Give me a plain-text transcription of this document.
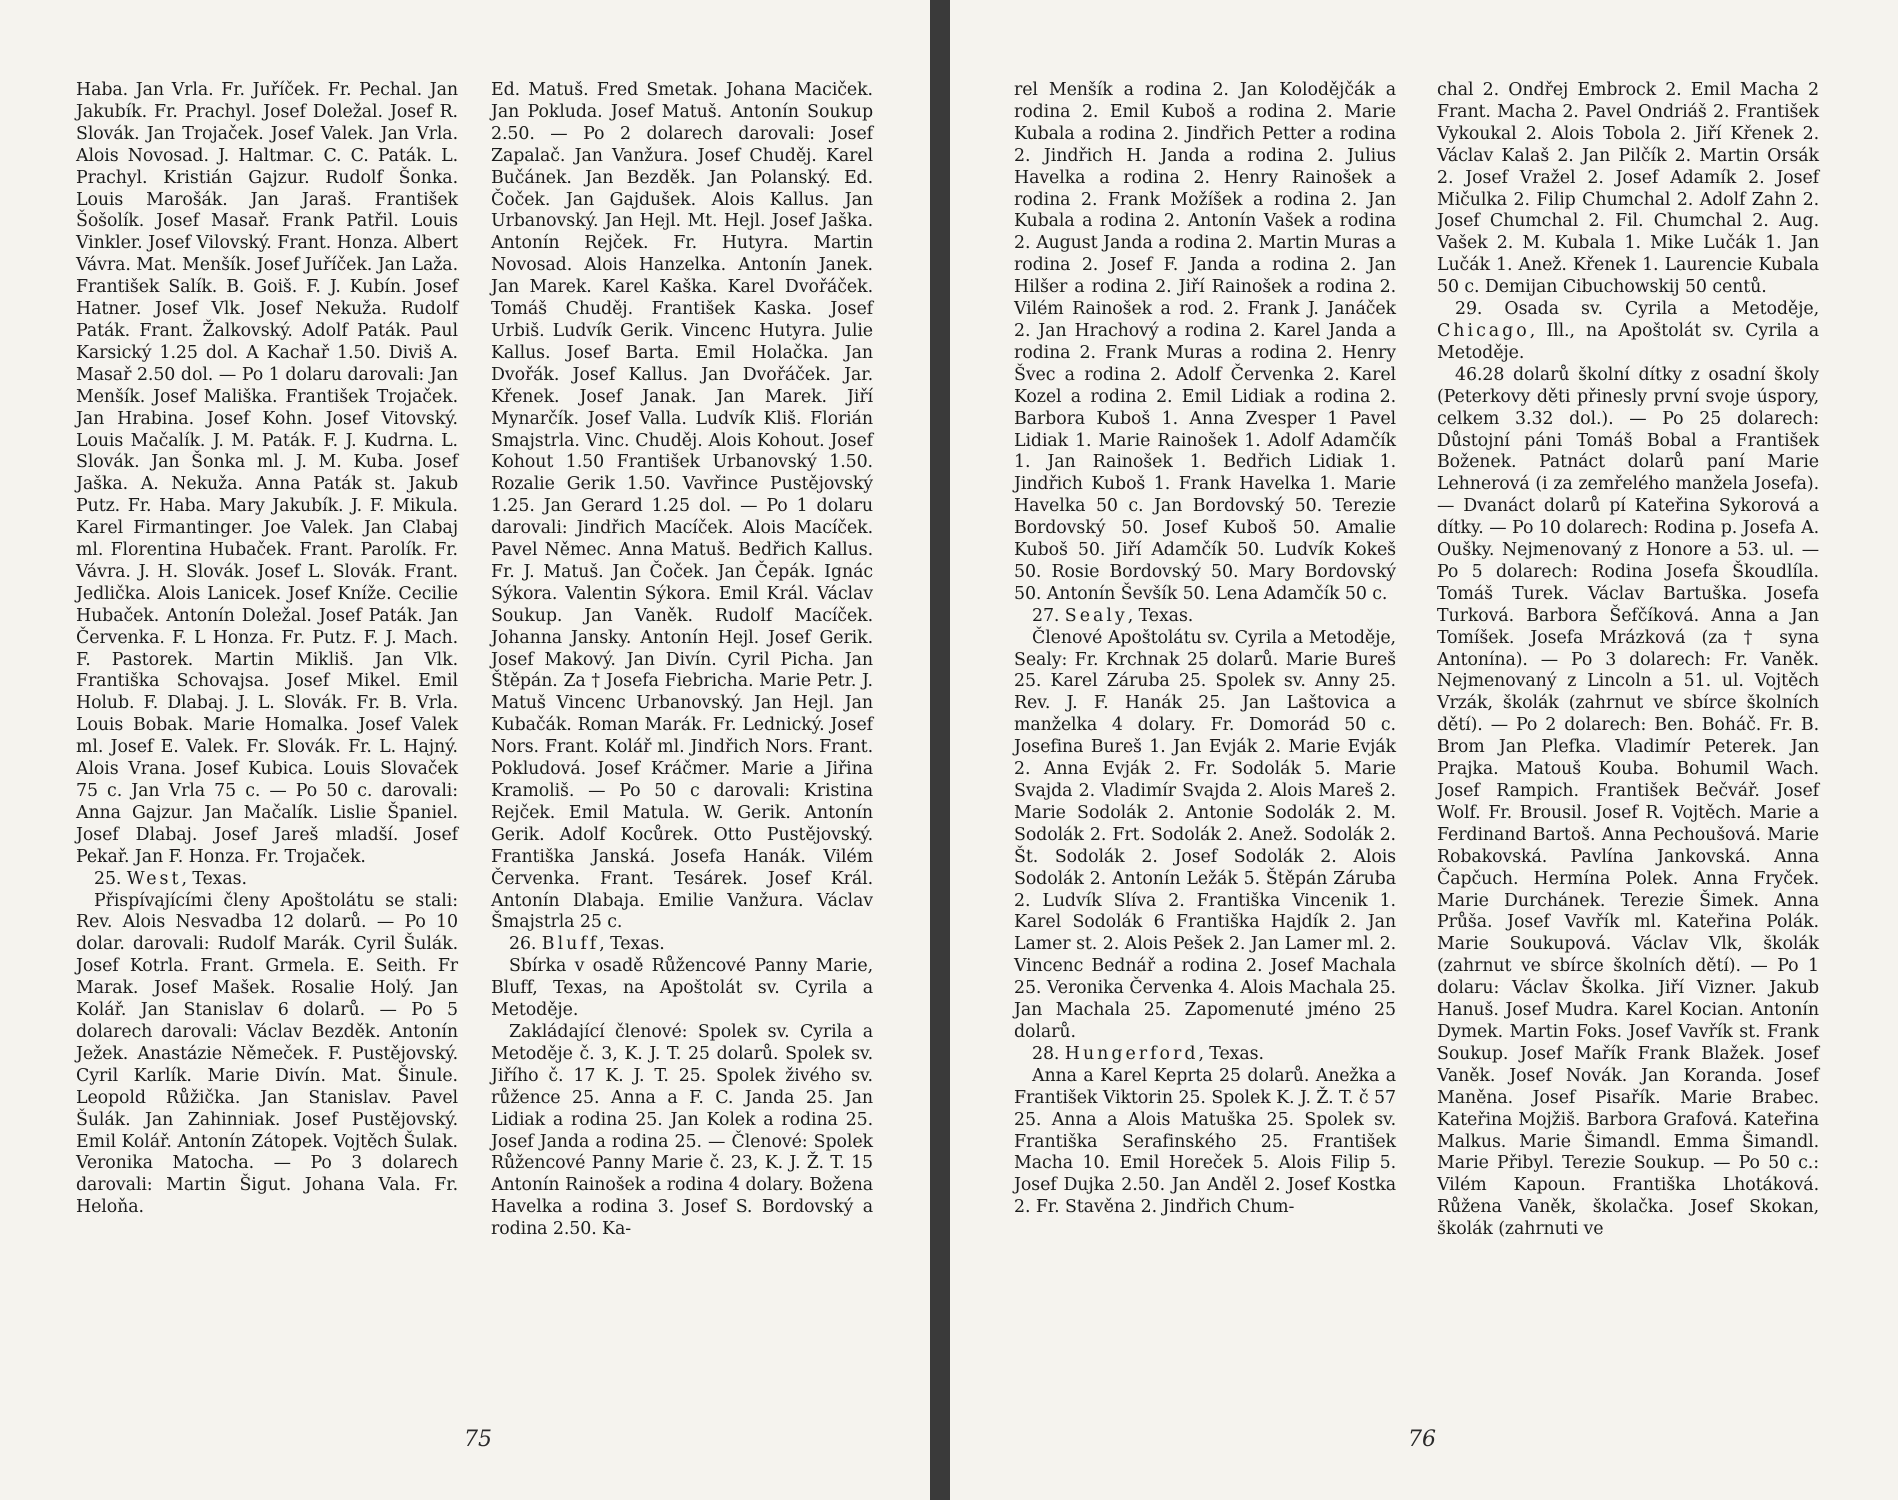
Haba. Jan Vrla. Fr. Juříček. Fr. Pechal. Jan Jakubík. Fr. Prachyl. Josef Doležal. Josef R. Slovák. Jan Trojaček. Josef Valek. Jan Vrla. Alois Novosad. J. Haltmar. C. C. Paták. L. Prachyl. Kristián Gajzur. Rudolf Šonka. Louis Marošák. Jan Jaraš. František Šošolík. Josef Masař. Frank Patřil. Louis Vinkler. Josef Vilovský. Frant. Honza. Albert Vávra. Mat. Menšík. Josef Juříček. Jan Laža. František Salík. B. Goiš. F. J. Kubín. Josef Hatner. Josef Vlk. Josef Nekuža. Rudolf Paták. Frant. Žalkovský. Adolf Paták. Paul Karsický 1.25 dol. A Kachař 1.50. Diviš A. Masař 2.50 dol. — Po 1 dolaru darovali: Jan Menšík. Josef Mališka. František Trojaček. Jan Hrabina. Josef Kohn. Josef Vitovský. Louis Mačalík. J. M. Paták. F. J. Kudrna. L. Slovák. Jan Šonka ml. J. M. Kuba. Josef Jaška. A. Nekuža. Anna Paták st. Jakub Putz. Fr. Haba. Mary Jakubík. J. F. Mikula. Karel Firmantinger. Joe Valek. Jan Clabaj ml. Florentina Hubaček. Frant. Parolík. Fr. Vávra. J. H. Slovák. Josef L. Slovák. Frant. Jedlička. Alois Lanicek. Josef Kníže. Cecilie Hubaček. Antonín Doležal. Josef Paták. Jan Červenka. F. L Honza. Fr. Putz. F. J. Mach. F. Pastorek. Martin Mikliš. Jan Vlk. Františka Schovajsa. Josef Mikel. Emil Holub. F. Dlabaj. J. L. Slovák. Fr. B. Vrla. Louis Bobak. Marie Homalka. Josef Valek ml. Josef E. Valek. Fr. Slovák. Fr. L. Hajný. Alois Vrana. Josef Kubica. Louis Slovaček 75 c. Jan Vrla 75 c. — Po 50 c. darovali: Anna Gajzur. Jan Mačalík. Lislie Španiel. Josef Dlabaj. Josef Jareš mladší. Josef Pekař. Jan F. Honza. Fr. Trojaček.

25. West, Texas.

Přispívajícími členy Apoštolátu se stali: Rev. Alois Nesvadba 12 dolarů. — Po 10 dolar. darovali: Rudolf Marák. Cyril Šulák. Josef Kotrla. Frant. Grmela. E. Seith. Fr Marak. Josef Mašek. Rosalie Holý. Jan Kolář. Jan Stanislav 6 dolarů. — Po 5 dolarech darovali: Václav Bezděk. Antonín Ježek. Anastázie Němeček. F. Pustějovský. Cyril Karlík. Marie Divín. Mat. Šinule. Leopold Růžička. Jan Stanislav. Pavel Šulák. Jan Zahinniak. Josef Pustějovský. Emil Kolář. Antonín Zátopek. Vojtěch Šulak. Veronika Matocha. — Po 3 dolarech darovali: Martin Šigut. Johana Vala. Fr. Heloňa.

Ed. Matuš. Fred Smetak. Johana Maciček. Jan Pokluda. Josef Matuš. Antonín Soukup 2.50. — Po 2 dolarech darovali: Josef Zapalač. Jan Vanžura. Josef Chuděj. Karel Bučánek. Jan Bezděk. Jan Polanský. Ed. Čoček. Jan Gajdušek. Alois Kallus. Jan Urbanovský. Jan Hejl. Mt. Hejl. Josef Jaška. Antonín Rejček. Fr. Hutyra. Martin Novosad. Alois Hanzelka. Antonín Janek. Jan Marek. Karel Kaška. Karel Dvořáček. Tomáš Chuděj. František Kaska. Josef Urbiš. Ludvík Gerik. Vincenc Hutyra. Julie Kallus. Josef Barta. Emil Holačka. Jan Dvořák. Josef Kallus. Jan Dvořáček. Jar. Křenek. Josef Janak. Jan Marek. Jiří Mynarčík. Josef Valla. Ludvík Kliš. Florián Smajstrla. Vinc. Chuděj. Alois Kohout. Josef Kohout 1.50 František Urbanovský 1.50. Rozalie Gerik 1.50. Vavřince Pustějovský 1.25. Jan Gerard 1.25 dol. — Po 1 dolaru darovali: Jindřich Macíček. Alois Macíček. Pavel Němec. Anna Matuš. Bedřich Kallus. Fr. J. Matuš. Jan Čoček. Jan Čepák. Ignác Sýkora. Valentin Sýkora. Emil Král. Václav Soukup. Jan Vaněk. Rudolf Macíček. Johanna Jansky. Antonín Hejl. Josef Gerik. Josef Makový. Jan Divín. Cyril Picha. Jan Štěpán. Za † Josefa Fiebricha. Marie Petr. J. Matuš Vincenc Urbanovský. Jan Hejl. Jan Kubačák. Roman Marák. Fr. Lednický. Josef Nors. Frant. Kolář ml. Jindřich Nors. Frant. Pokludová. Josef Kráčmer. Marie a Jiřina Kramoliš. — Po 50 c darovali: Kristina Rejček. Emil Matula. W. Gerik. Antonín Gerik. Adolf Kocůrek. Otto Pustějovský. Františka Janská. Josefa Hanák. Vilém Červenka. Frant. Tesárek. Josef Král. Antonín Dlabaja. Emilie Vanžura. Václav Šmajstrla 25 c.

26. Bluff, Texas.

Sbírka v osadě Růžencové Panny Marie, Bluff, Texas, na Apoštolát sv. Cyrila a Metoděje.

Zakládající členové: Spolek sv. Cyrila a Metoděje č. 3, K. J. T. 25 dolarů. Spolek sv. Jiřího č. 17 K. J. T. 25. Spolek živého sv. růžence 25. Anna a F. C. Janda 25. Jan Lidiak a rodina 25. Jan Kolek a rodina 25. Josef Janda a rodina 25. — Členové: Spolek Růžencové Panny Marie č. 23, K. J. Ž. T. 15 Antonín Rainošek a rodina 4 dolary. Božena Havelka a rodina 3. Josef S. Bordovský a rodina 2.50. Ka-

75

rel Menšík a rodina 2. Jan Kolodějčák a rodina 2. Emil Kuboš a rodina 2. Marie Kubala a rodina 2. Jindřich Petter a rodina 2. Jindřich H. Janda a rodina 2. Julius Havelka a rodina 2. Henry Rainošek a rodina 2. Frank Možíšek a rodina 2. Jan Kubala a rodina 2. Antonín Vašek a rodina 2. August Janda a rodina 2. Martin Muras a rodina 2. Josef F. Janda a rodina 2. Jan Hilšer a rodina 2. Jiří Rainošek a rodina 2. Vilém Rainošek a rod. 2. Frank J. Janáček 2. Jan Hrachový a rodina 2. Karel Janda a rodina 2. Frank Muras a rodina 2. Henry Švec a rodina 2. Adolf Červenka 2. Karel Kozel a rodina 2. Emil Lidiak a rodina 2. Barbora Kuboš 1. Anna Zvesper 1 Pavel Lidiak 1. Marie Rainošek 1. Adolf Adamčík 1. Jan Rainošek 1. Bedřich Lidiak 1. Jindřich Kuboš 1. Frank Havelka 1. Marie Havelka 50 c. Jan Bordovský 50. Terezie Bordovský 50. Josef Kuboš 50. Amalie Kuboš 50. Jiří Adamčík 50. Ludvík Kokeš 50. Rosie Bordovský 50. Mary Bordovský 50. Antonín Ševšík 50. Lena Adamčík 50 c.

27. Sealy, Texas.

Členové Apoštolátu sv. Cyrila a Metoděje, Sealy: Fr. Krchnak 25 dolarů. Marie Bureš 25. Karel Záruba 25. Spolek sv. Anny 25. Rev. J. F. Hanák 25. Jan Laštovica a manželka 4 dolary. Fr. Domorád 50 c. Josefina Bureš 1. Jan Evják 2. Marie Evják 2. Anna Evják 2. Fr. Sodolák 5. Marie Svajda 2. Vladimír Svajda 2. Alois Mareš 2. Marie Sodolák 2. Antonie Sodolák 2. M. Sodolák 2. Frt. Sodolák 2. Anež. Sodolák 2. Št. Sodolák 2. Josef Sodolák 2. Alois Sodolák 2. Antonín Ležák 5. Štěpán Záruba 2. Ludvík Slíva 2. Františka Vincenik 1. Karel Sodolák 6 Františka Hajdík 2. Jan Lamer st. 2. Alois Pešek 2. Jan Lamer ml. 2. Vincenc Bednář a rodina 2. Josef Machala 25. Veronika Červenka 4. Alois Machala 25. Jan Machala 25. Zapomenuté jméno 25 dolarů.

28. Hungerford, Texas.

Anna a Karel Keprta 25 dolarů. Anežka a František Viktorin 25. Spolek K. J. Ž. T. č 57 25. Anna a Alois Matuška 25. Spolek sv. Františka Serafinského 25. František Macha 10. Emil Horeček 5. Alois Filip 5. Josef Dujka 2.50. Jan Anděl 2. Josef Kostka 2. Fr. Stavěna 2. Jindřich Chum-

chal 2. Ondřej Embrock 2. Emil Macha 2 Frant. Macha 2. Pavel Ondriáš 2. František Vykoukal 2. Alois Tobola 2. Jiří Křenek 2. Václav Kalaš 2. Jan Pilčík 2. Martin Orsák 2. Josef Vražel 2. Josef Adamík 2. Josef Mičulka 2. Filip Chumchal 2. Adolf Zahn 2. Josef Chumchal 2. Fil. Chumchal 2. Aug. Vašek 2. M. Kubala 1. Mike Lučák 1. Jan Lučák 1. Anež. Křenek 1. Laurencie Kubala 50 c. Demijan Cibuchowskij 50 centů.

29. Osada sv. Cyrila a Metoděje, Chicago, Ill., na Apoštolát sv. Cyrila a Metoděje.

46.28 dolarů školní dítky z osadní školy (Peterkovy děti přinesly první svoje úspory, celkem 3.32 dol.). — Po 25 dolarech: Důstojní páni Tomáš Bobal a František Boženek. Patnáct dolarů paní Marie Lehnerová (i za zemřelého manžela Josefa). — Dvanáct dolarů pí Kateřina Sykorová a dítky. — Po 10 dolarech: Rodina p. Josefa A. Oušky. Nejmenovaný z Honore a 53. ul. — Po 5 dolarech: Rodina Josefa Škoudlíla. Tomáš Turek. Václav Bartuška. Josefa Turková. Barbora Šefčíková. Anna a Jan Tomíšek. Josefa Mrázková (za † syna Antonína). — Po 3 dolarech: Fr. Vaněk. Nejmenovaný z Lincoln a 51. ul. Vojtěch Vrzák, školák (zahrnut ve sbírce školních dětí). — Po 2 dolarech: Ben. Boháč. Fr. B. Brom Jan Plefka. Vladimír Peterek. Jan Prajka. Matouš Kouba. Bohumil Wach. Josef Rampich. František Bečvář. Josef Wolf. Fr. Brousil. Josef R. Vojtěch. Marie a Ferdinand Bartoš. Anna Pechoušová. Marie Robakovská. Pavlína Jankovská. Anna Čapčuch. Hermína Polek. Anna Fryček. Marie Durchánek. Terezie Šimek. Anna Průša. Josef Vavřík ml. Kateřina Polák. Marie Soukupová. Václav Vlk, školák (zahrnut ve sbírce školních dětí). — Po 1 dolaru: Václav Školka. Jiří Vizner. Jakub Hanuš. Josef Mudra. Karel Kocian. Antonín Dymek. Martin Foks. Josef Vavřík st. Frank Soukup. Josef Mařík Frank Blažek. Josef Vaněk. Josef Novák. Jan Koranda. Josef Maněna. Josef Pisařík. Marie Brabec. Kateřina Mojžiš. Barbora Grafová. Kateřina Malkus. Marie Šimandl. Emma Šimandl. Marie Přibyl. Terezie Soukup. — Po 50 c.: Vilém Kapoun. Františka Lhotáková. Růžena Vaněk, školačka. Josef Skokan, školák (zahrnuti ve

76
